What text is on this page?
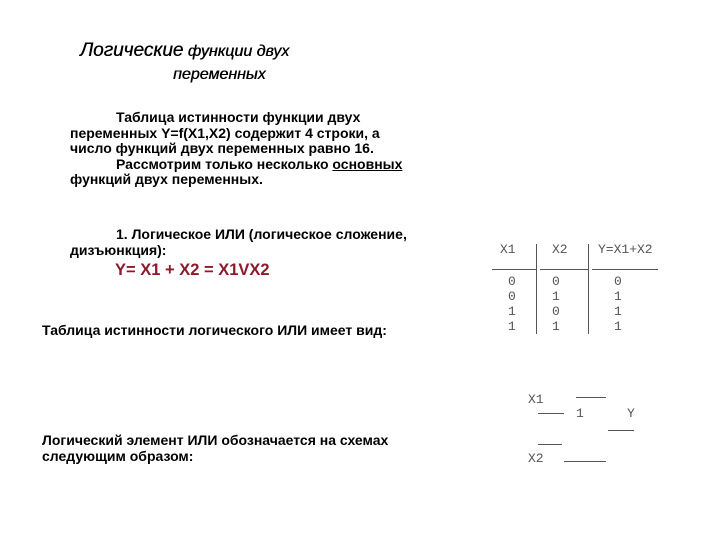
Логические функции двух
переменных
Таблица истинности функции двух переменных Y=f(X1,X2) содержит 4 строки, а число функций двух переменных равно 16.
Рассмотрим только несколько основных функций двух переменных.
1. Логическое ИЛИ (логическое сложение, дизъюнкция):
Y= X1 + X2 = X1VX2
Таблица истинности логического ИЛИ имеет вид:
Логический элемент ИЛИ обозначается на схемах следующим образом:
X1	X2 Y=X1+X2
0	0	0
0	1	1
1	0	1
1	1	1
X1
1	Y
X2
